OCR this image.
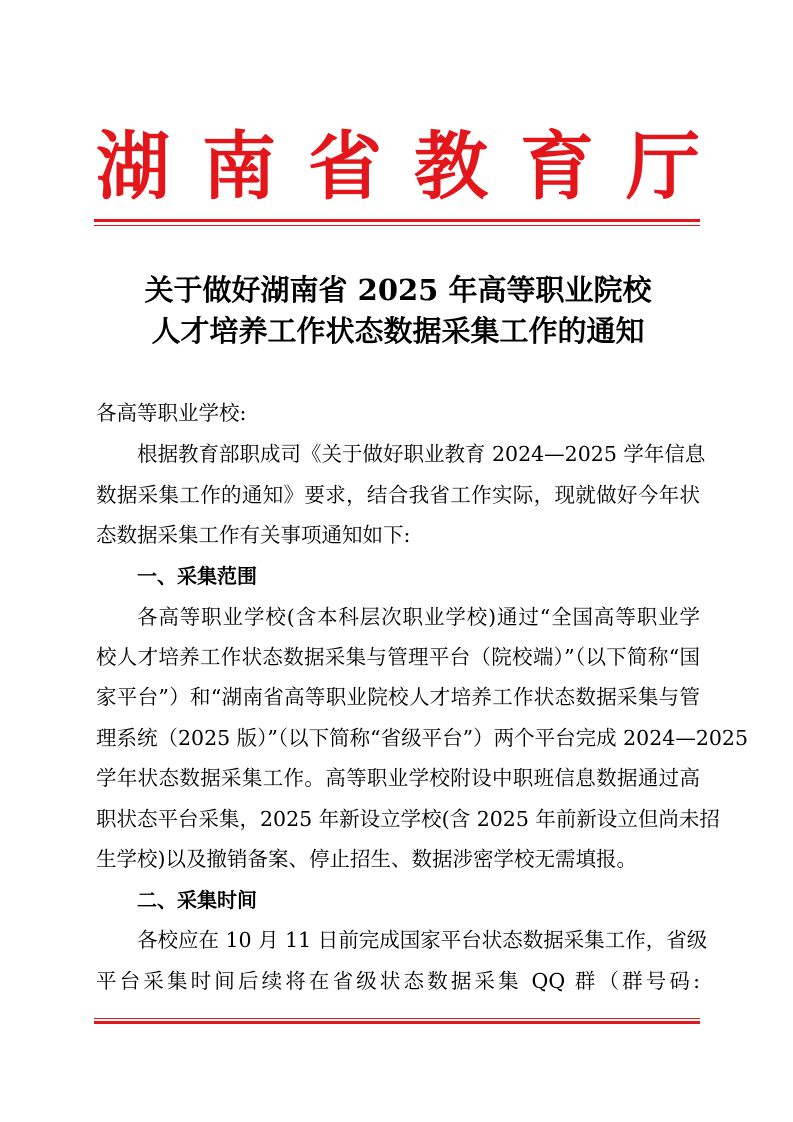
湖 南 省 教 育 厅
关于做好湖南省 2025 年高等职业院校
人才培养工作状态数据采集工作的通知
各高等职业学校:
根据教育部职成司《关于做好职业教育 2024—2025 学年信息
数据采集工作的通知》要求，结合我省工作实际，现就做好今年状
态数据采集工作有关事项通知如下:
一、采集范围
各高等职业学校(含本科层次职业学校)通过“全国高等职业学
校人才培养工作状态数据采集与管理平台（院校端）”（以下简称“国
家平台”）和“湖南省高等职业院校人才培养工作状态数据采集与管
理系统（2025 版）”（以下简称“省级平台”）两个平台完成 2024—2025
学年状态数据采集工作。高等职业学校附设中职班信息数据通过高
职状态平台采集，2025 年新设立学校(含 2025 年前新设立但尚未招
生学校)以及撤销备案、停止招生、数据涉密学校无需填报。
二、采集时间
各校应在 10 月 11 日前完成国家平台状态数据采集工作，省级
平台采集时间后续将在省级状态数据采集 QQ 群（群号码:
